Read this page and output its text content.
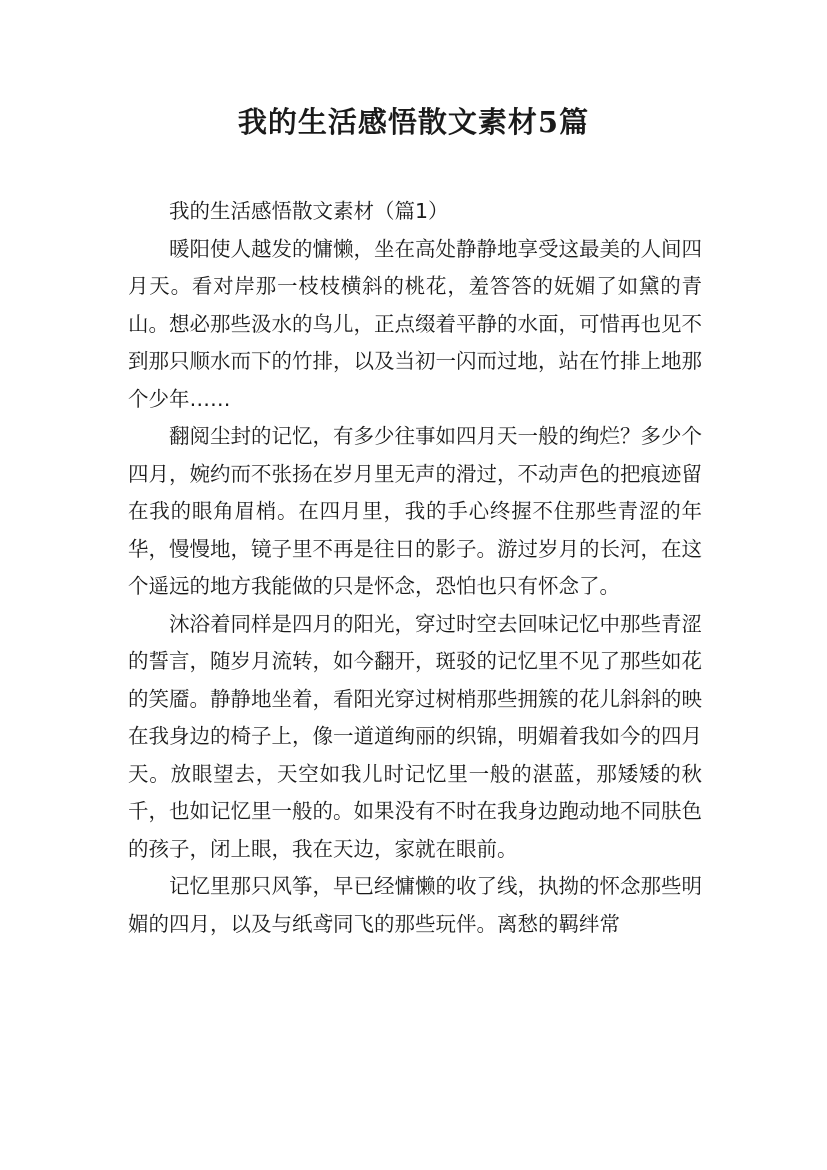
我的生活感悟散文素材5篇

我的生活感悟散文素材（篇1）

暖阳使人越发的慵懒，坐在高处静静地享受这最美的人间四月天。看对岸那一枝枝横斜的桃花，羞答答的妩媚了如黛的青山。想必那些汲水的鸟儿，正点缀着平静的水面，可惜再也见不到那只顺水而下的竹排，以及当初一闪而过地，站在竹排上地那个少年……

翻阅尘封的记忆，有多少往事如四月天一般的绚烂？多少个四月，婉约而不张扬在岁月里无声的滑过，不动声色的把痕迹留在我的眼角眉梢。在四月里，我的手心终握不住那些青涩的年华，慢慢地，镜子里不再是往日的影子。游过岁月的长河，在这个遥远的地方我能做的只是怀念，恐怕也只有怀念了。

沐浴着同样是四月的阳光，穿过时空去回味记忆中那些青涩的誓言，随岁月流转，如今翻开，斑驳的记忆里不见了那些如花的笑靥。静静地坐着，看阳光穿过树梢那些拥簇的花儿斜斜的映在我身边的椅子上，像一道道绚丽的织锦，明媚着我如今的四月天。放眼望去，天空如我儿时记忆里一般的湛蓝，那矮矮的秋千，也如记忆里一般的。如果没有不时在我身边跑动地不同肤色的孩子，闭上眼，我在天边，家就在眼前。

记忆里那只风筝，早已经慵懒的收了线，执拗的怀念那些明媚的四月，以及与纸鸢同飞的那些玩伴。离愁的羁绊常
